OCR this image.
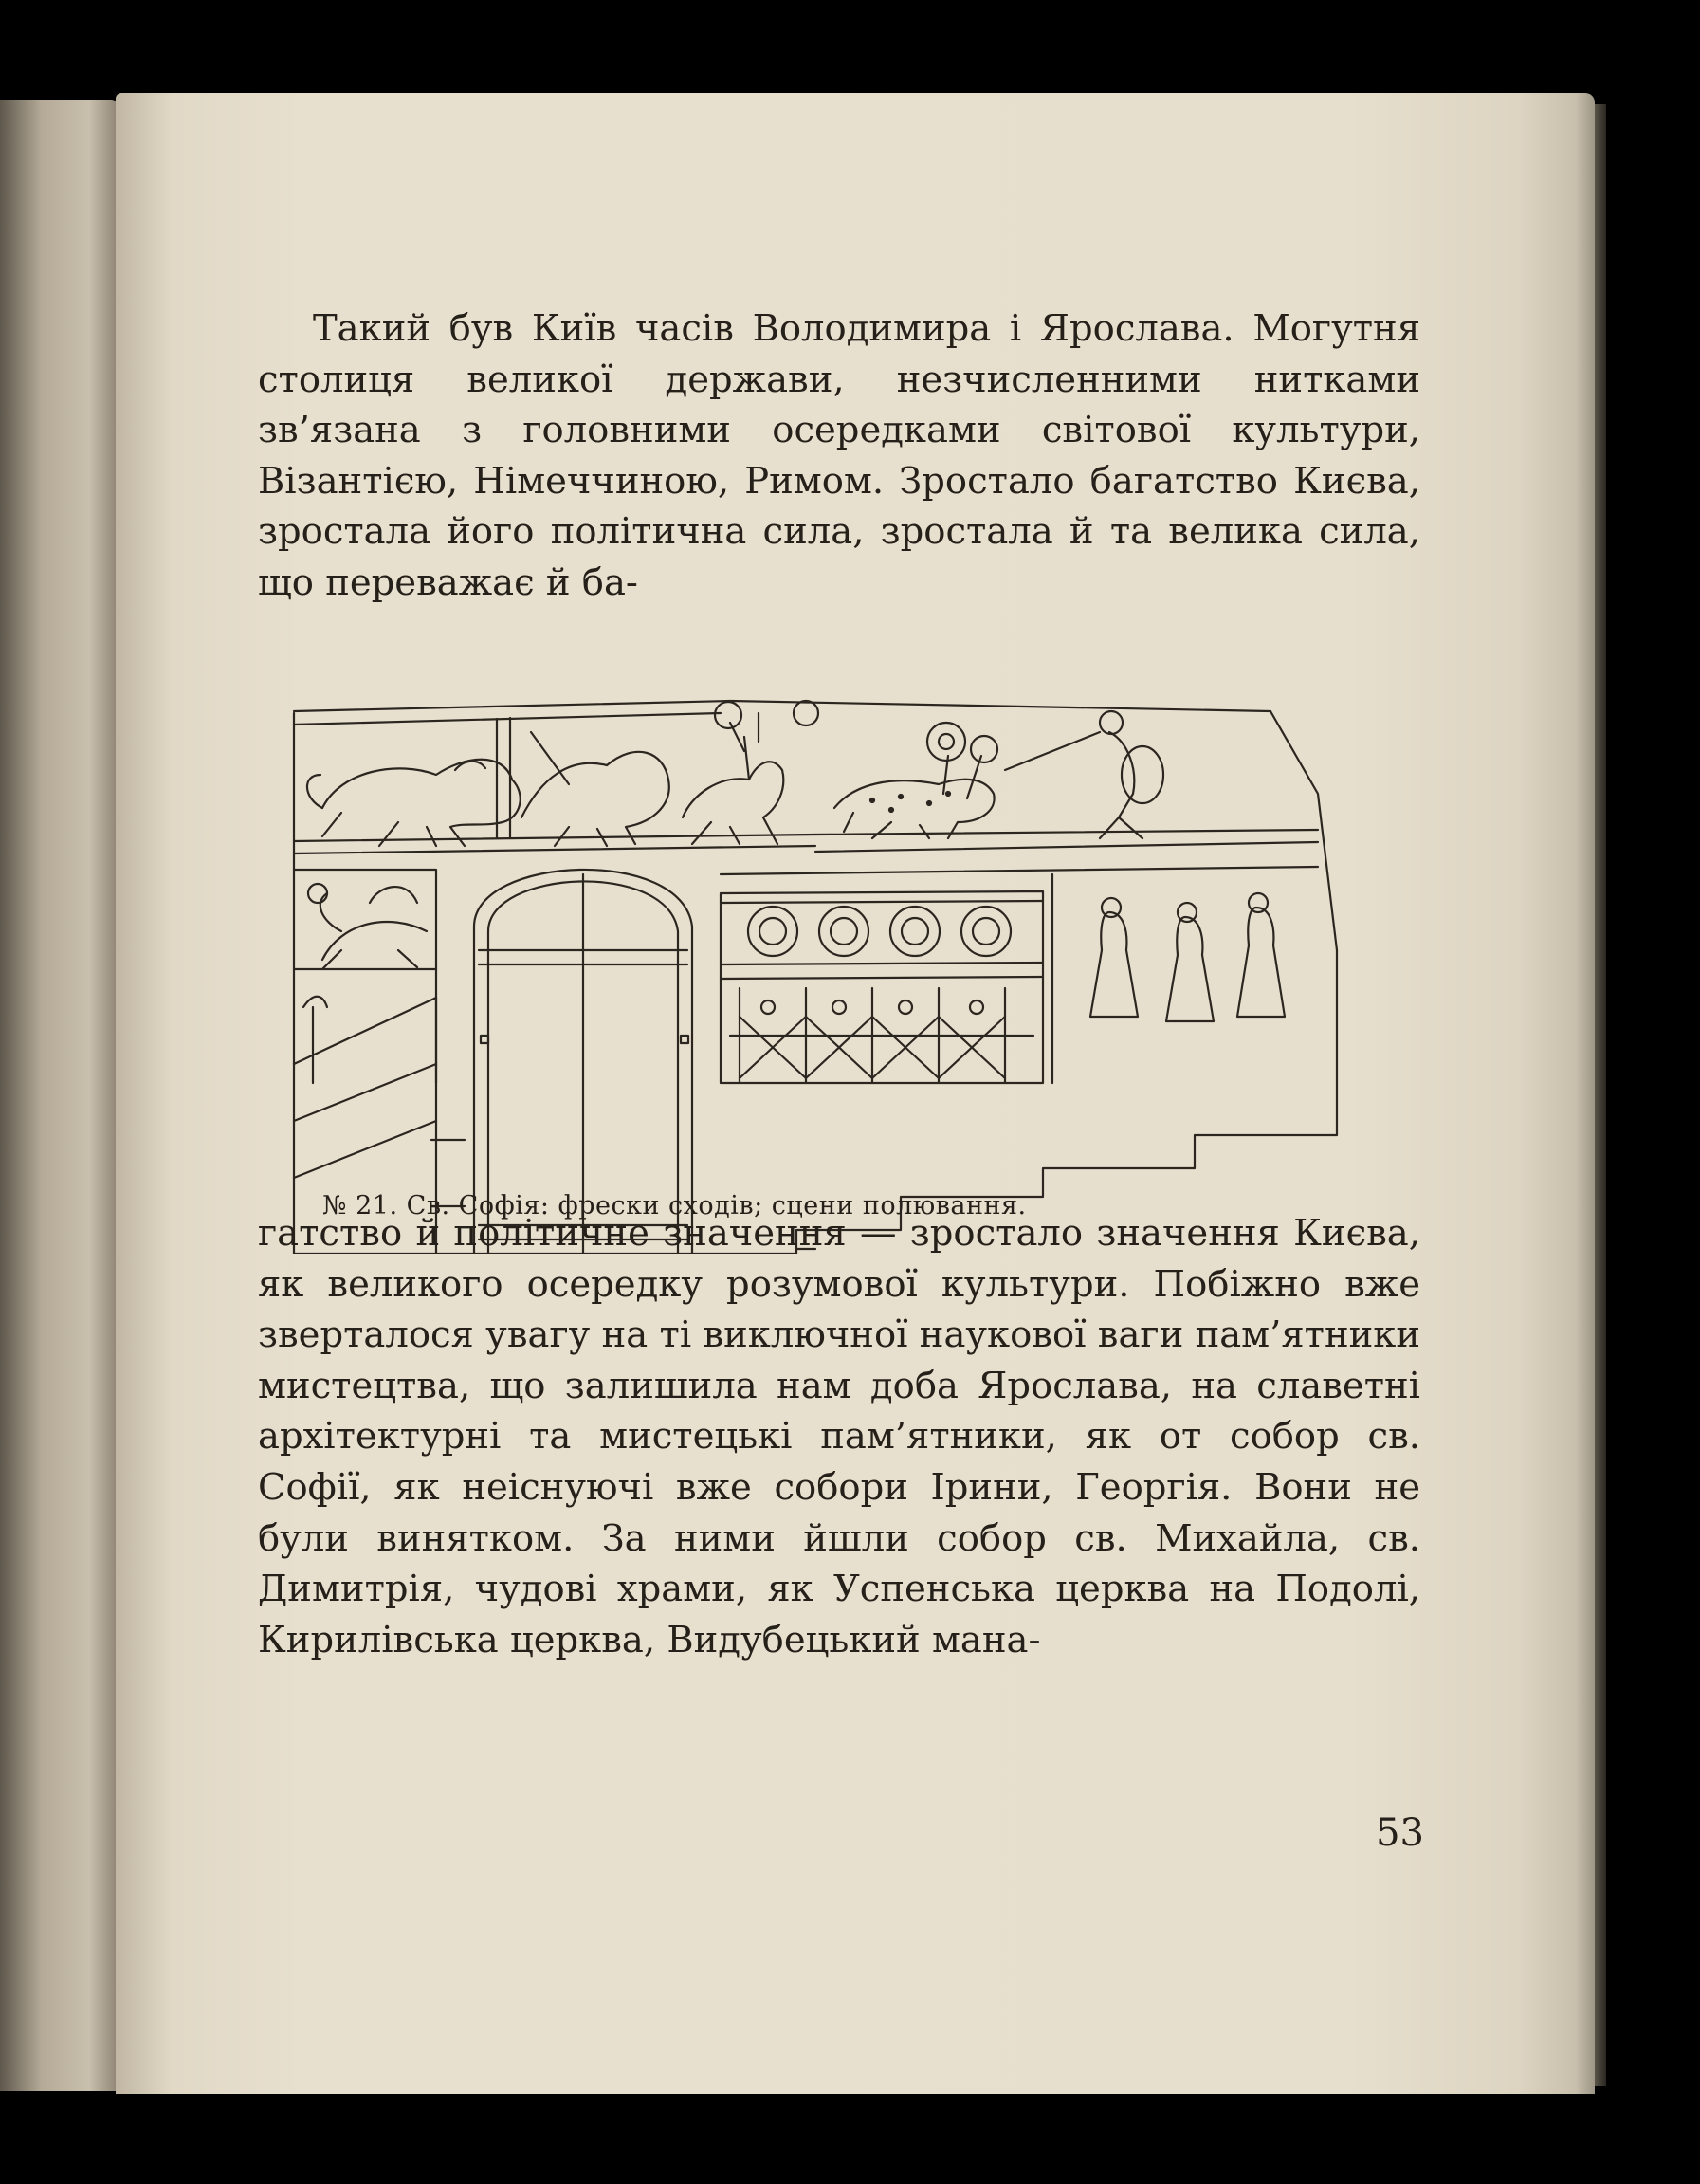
Такий був Київ часів Володимира і Ярослава. Могутня столиця великої держави, незчисленними нитками зв’язана з головними осередками світової культури, Візантією, Німеччиною, Римом. Зростало багатство Києва, зростала його політична сила, зростала й та велика сила, що переважає й ба-

№ 21. Св. Софія: фрески сходів; сцени полювання.

гатство й політичне значення — зростало значення Києва, як великого осередку розумової культури. Побіжно вже зверталося увагу на ті виключної наукової ваги пам’ятники мистецтва, що залишила нам доба Ярослава, на славетні архітектурні та мистецькі пам’ятники, як от собор св. Софії, як неіснуючі вже собори Ірини, Георгія. Вони не були винятком. За ними йшли собор св. Михайла, св. Димитрія, чудові храми, як Успенська церква на Подолі, Кирилівська церква, Видубецький мана-

53
